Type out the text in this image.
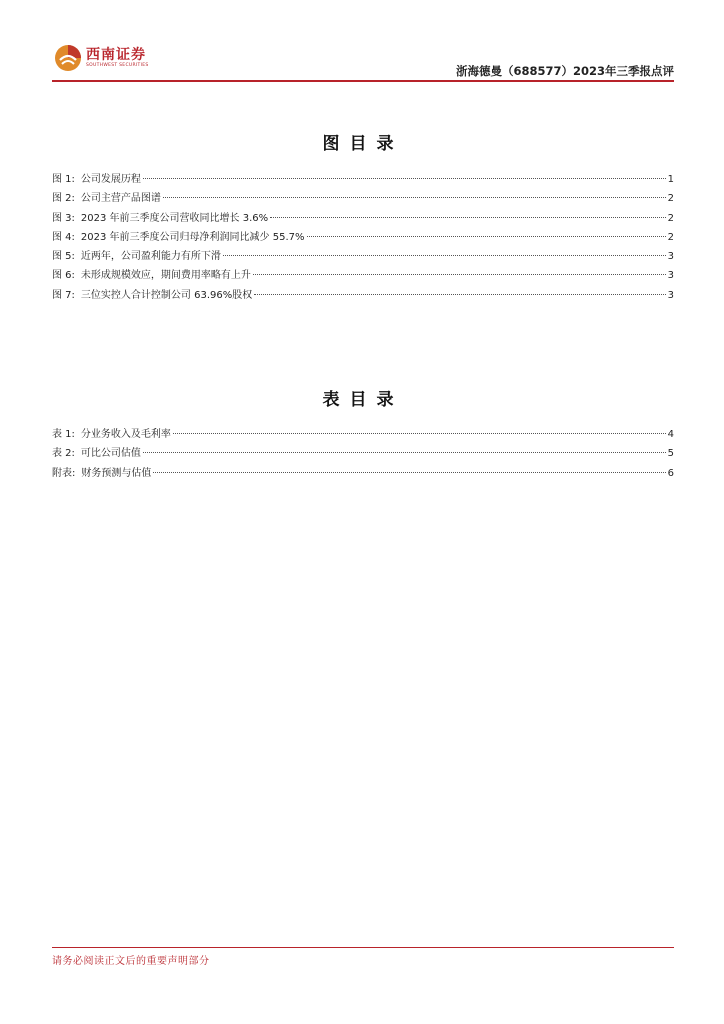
西南证券
SOUTHWEST SECURITIES	浙海德曼（688577）2023年三季报点评
图目录
图 1: 公司发展历程	1
图 2: 公司主营产品图谱	2
图 3: 2023 年前三季度公司营收同比增长 3.6%	2
图 4: 2023 年前三季度公司归母净利润同比减少 55.7%	2
图 5: 近两年，公司盈利能力有所下滑	3
图 6: 未形成规模效应，期间费用率略有上升	3
图 7: 三位实控人合计控制公司 63.96%股权	3
表目录
表 1: 分业务收入及毛利率	4
表 2: 可比公司估值	5
附表: 财务预测与估值	6
请务必阅读正文后的重要声明部分
